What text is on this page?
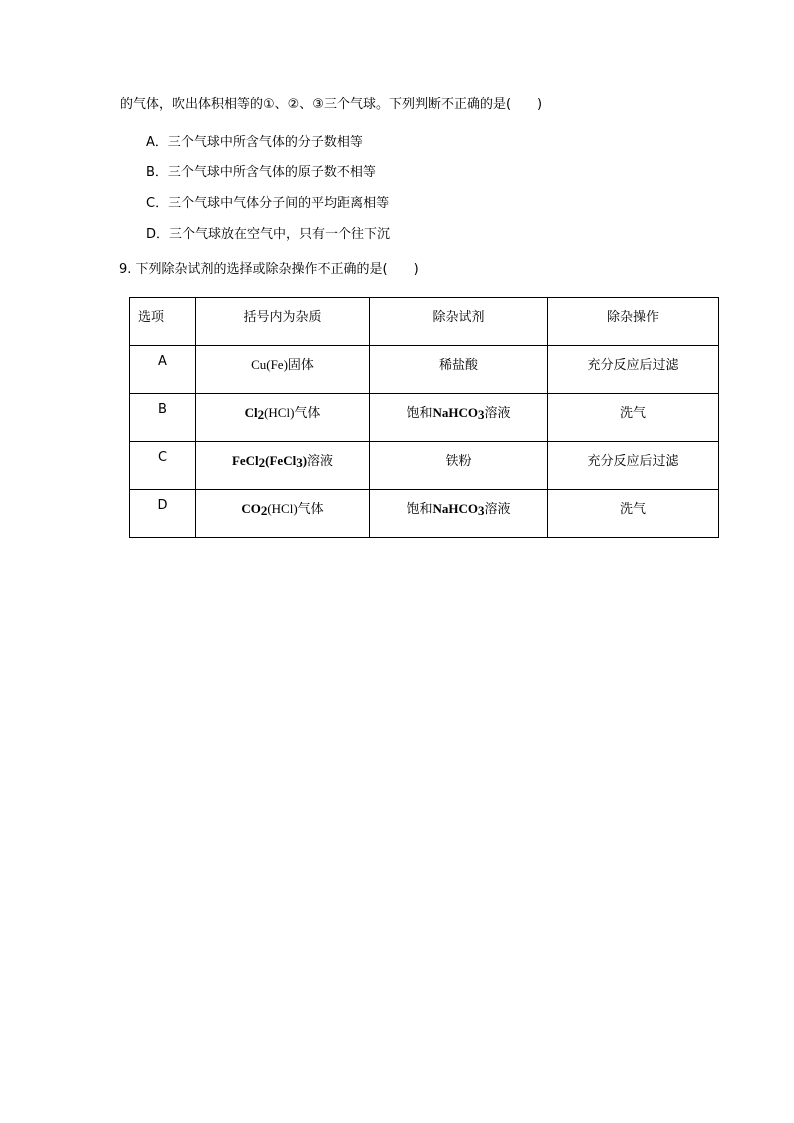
的气体，吹出体积相等的①、②、③三个气球。下列判断不正确的是(　　)
A．三个气球中所含气体的分子数相等
B．三个气球中所含气体的原子数不相等
C．三个气球中气体分子间的平均距离相等
D．三个气球放在空气中，只有一个往下沉
9. 下列除杂试剂的选择或除杂操作不正确的是(　　)
选项	括号内为杂质	除杂试剂	除杂操作
A	Cu(Fe)固体	稀盐酸	充分反应后过滤
B	$Cl_2(HCl)$气体	饱和NaHCO$_3$溶液	洗气
C	FeCl$_2$(FeCl$_3$)溶液	铁粉	充分反应后过滤
D	$CO_2(HCl)$气体	饱和NaHCO$_3$溶液	洗气
